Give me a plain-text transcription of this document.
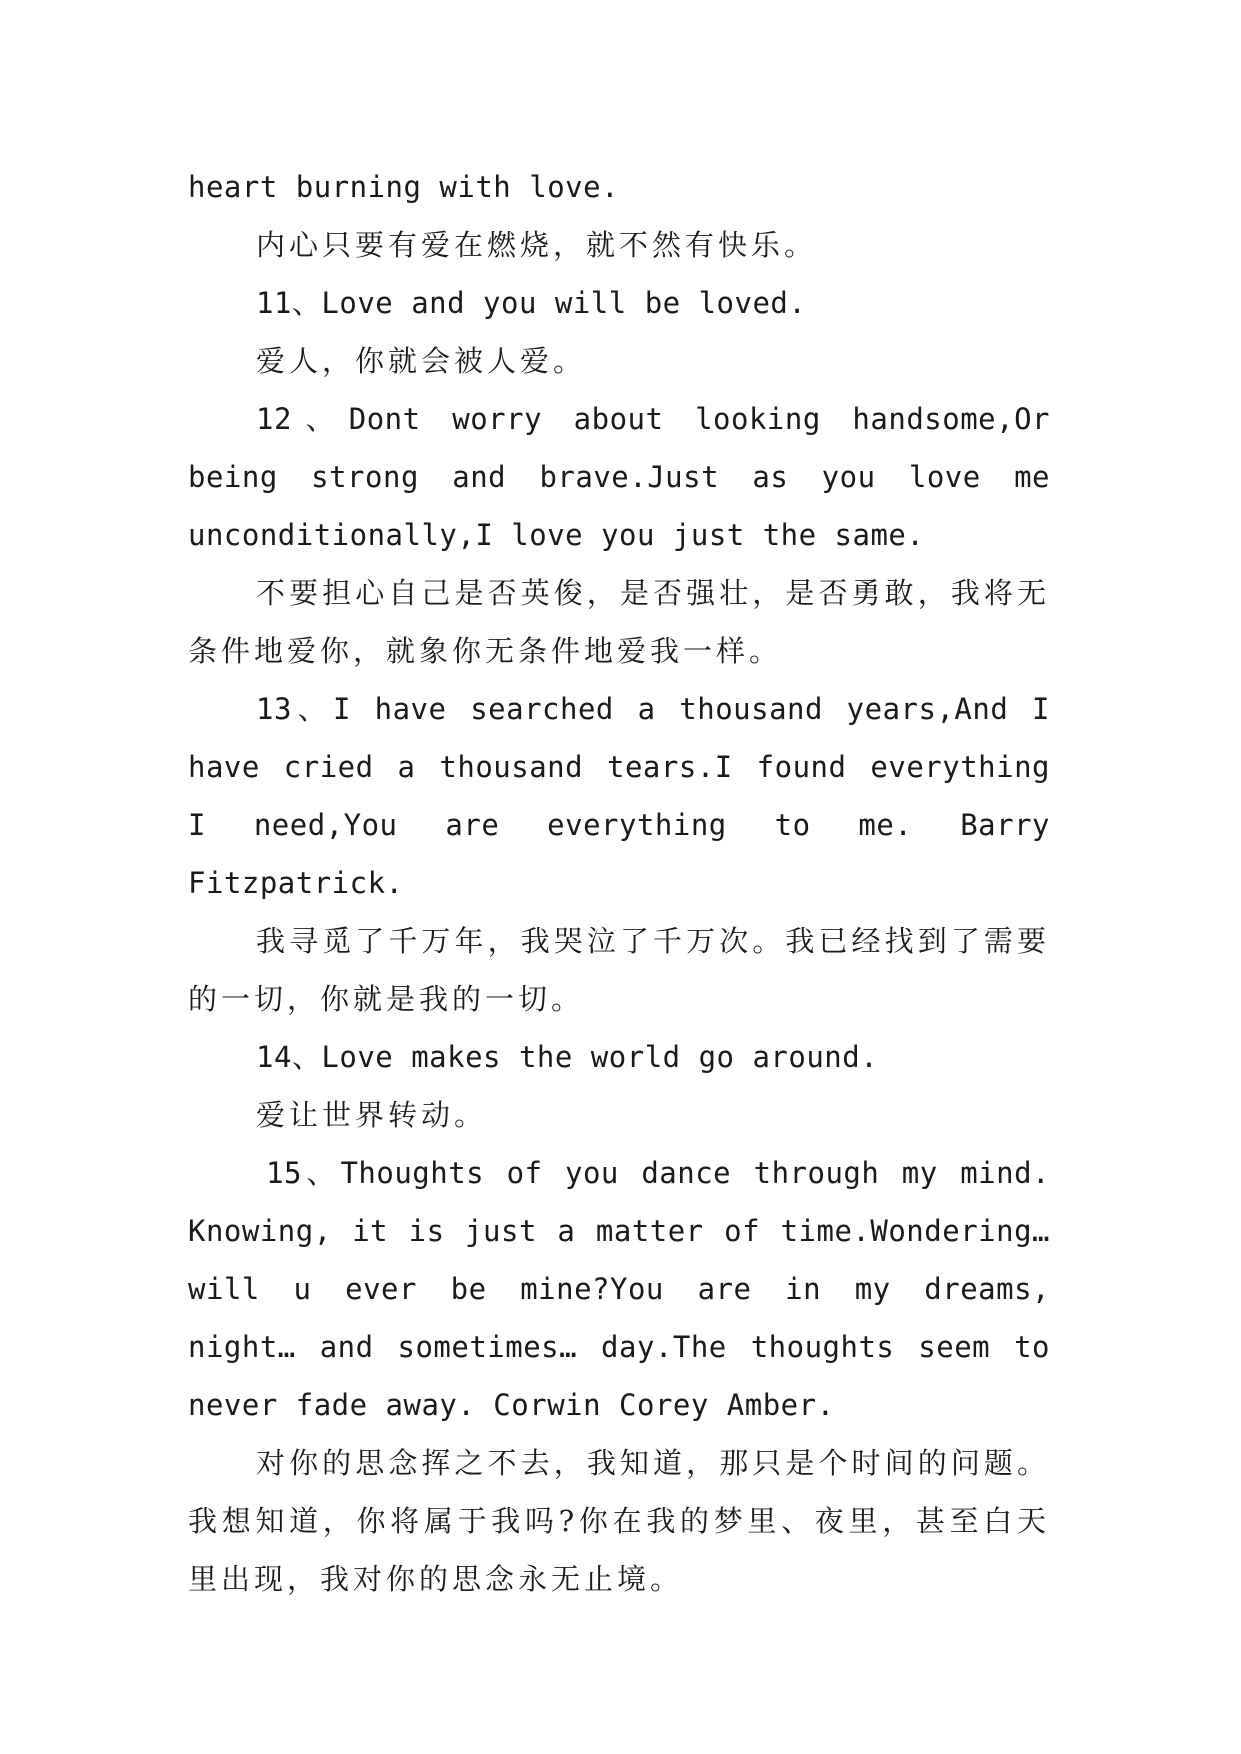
heart burning with love.

内心只要有爱在燃烧，就不然有快乐。

11、Love and you will be loved.

爱人，你就会被人爱。

12、Dont worry about looking handsome,Or being strong and brave.Just as you love me unconditionally,I love you just the same.

不要担心自己是否英俊，是否强壮，是否勇敢，我将无条件地爱你，就象你无条件地爱我一样。

13、I have searched a thousand years,And I have cried a thousand tears.I found everything I need,You are everything to me. Barry Fitzpatrick.

我寻觅了千万年，我哭泣了千万次。我已经找到了需要的一切，你就是我的一切。

14、Love makes the world go around.

爱让世界转动。

15、Thoughts of you dance through my mind. Knowing, it is just a matter of time.Wondering… will u ever be mine?You are in my dreams, night… and sometimes… day.The thoughts seem to never fade away. Corwin Corey Amber.

对你的思念挥之不去，我知道，那只是个时间的问题。我想知道，你将属于我吗?你在我的梦里、夜里，甚至白天里出现，我对你的思念永无止境。
